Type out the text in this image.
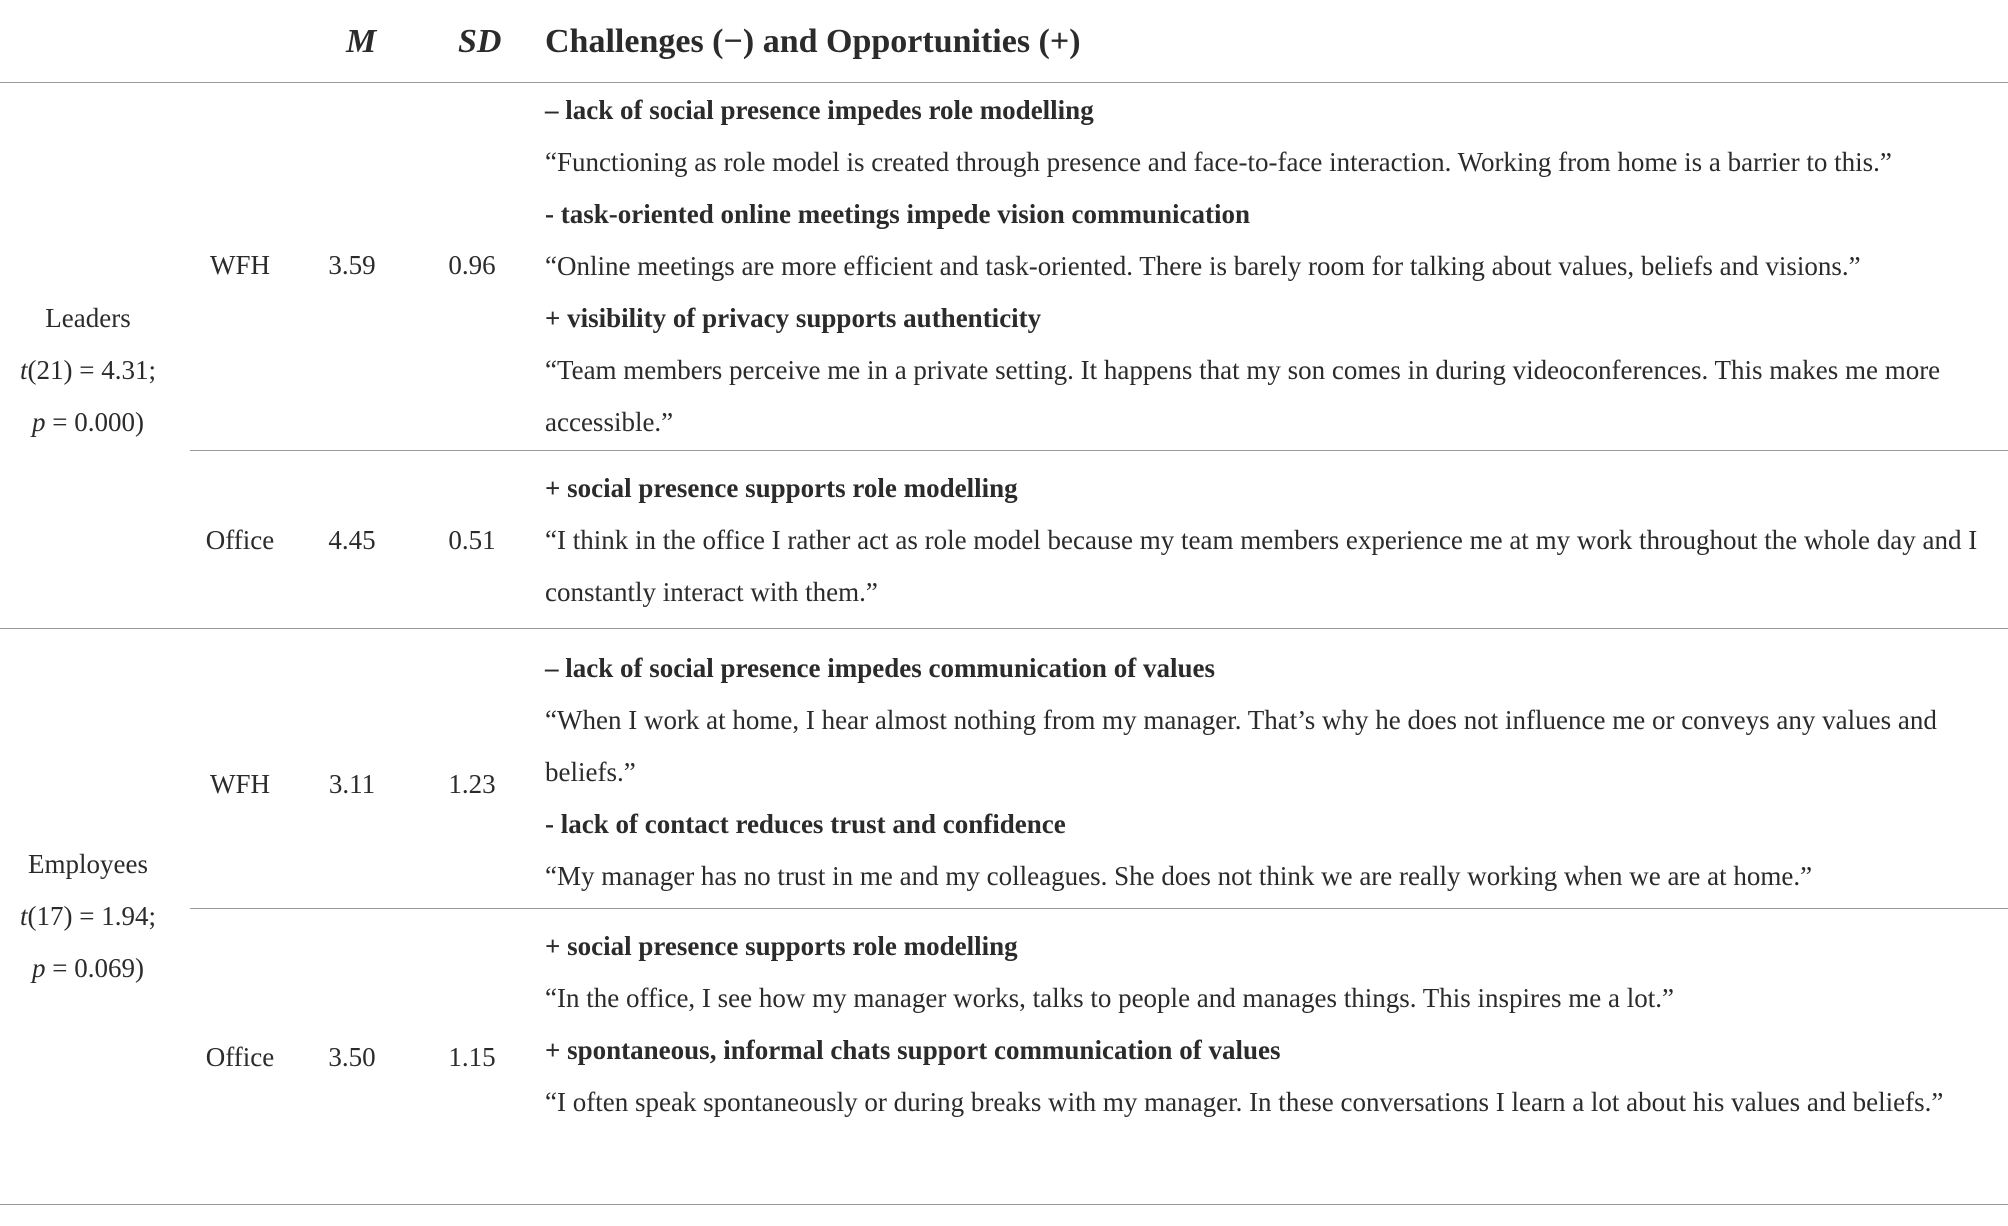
M SD Challenges (−) and Opportunities (+)
Leaders
t(21) = 4.31;
p = 0.000)
WFH	3.59	0.96
– lack of social presence impedes role modelling
“Functioning as role model is created through presence and face-to-face interaction. Working from home is a barrier to this.”
- task-oriented online meetings impede vision communication
“Online meetings are more efficient and task-oriented. There is barely room for talking about values, beliefs and visions.”
+ visibility of privacy supports authenticity
“Team members perceive me in a private setting. It happens that my son comes in during videoconferences. This makes me more accessible.”
Office	4.45	0.51
+ social presence supports role modelling
“I think in the office I rather act as role model because my team members experience me at my work throughout the whole day and I constantly interact with them.”
Employees
t(17) = 1.94;
p = 0.069)
WFH	3.11	1.23
– lack of social presence impedes communication of values
“When I work at home, I hear almost nothing from my manager. That’s why he does not influence me or conveys any values and beliefs.”
- lack of contact reduces trust and confidence
“My manager has no trust in me and my colleagues. She does not think we are really working when we are at home.”
Office	3.50	1.15
+ social presence supports role modelling
“In the office, I see how my manager works, talks to people and manages things. This inspires me a lot.”
+ spontaneous, informal chats support communication of values
“I often speak spontaneously or during breaks with my manager. In these conversations I learn a lot about his values and beliefs.”
